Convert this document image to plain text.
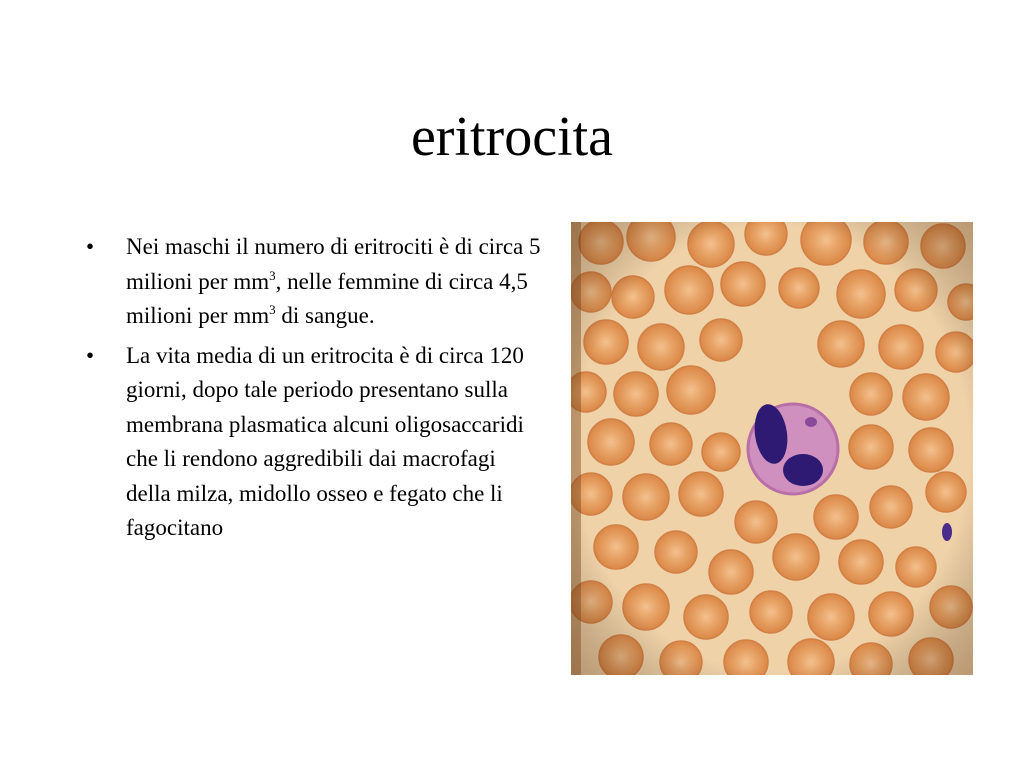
eritrocita
•	Nei maschi il numero di eritrociti è di circa 5 milioni per $mm^3$, nelle femmine di circa 4,5 milioni per $mm^3$ di sangue.
•	La vita media di un eritrocita è di circa 120 giorni, dopo tale periodo presentano sulla membrana plasmatica alcuni oligosaccaridi che li rendono aggredibili dai macrofagi della milza, midollo osseo e fegato che li fagocitano
